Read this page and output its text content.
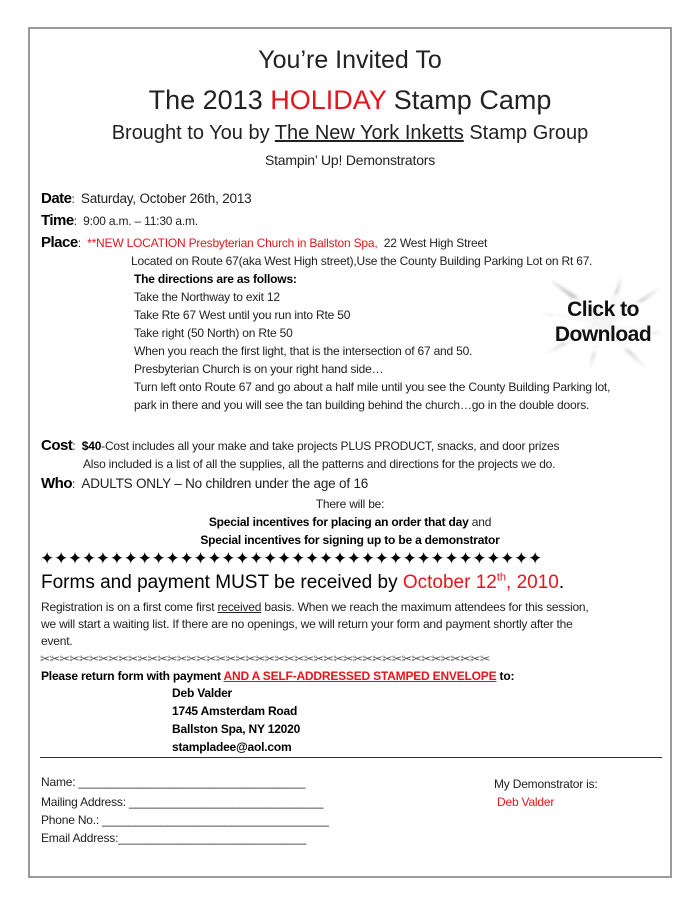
You’re Invited To
The 2013 HOLIDAY Stamp Camp
Brought to You by The New York Inketts Stamp Group
Stampin’ Up! Demonstrators
Date:  Saturday, October 26th, 2013
Time:  9:00 a.m. – 11:30 a.m.
Place:  **NEW LOCATION Presbyterian Church in Ballston Spa, 22 West High Street
Located on Route 67(aka West High street),Use the County Building Parking Lot on Rt 67.
The directions are as follows:
Take the Northway to exit 12
Take Rte 67 West until you run into Rte 50
Take right (50 North) on Rte 50
When you reach the first light, that is the intersection of 67 and 50.
Presbyterian Church is on your right hand side…
Turn left onto Route 67 and go about a half mile until you see the County Building Parking lot,
park in there and you will see the tan building behind the church…go in the double doors.
Cost:  $40-Cost includes all your make and take projects PLUS PRODUCT, snacks, and door prizes
Also included is a list of all the supplies, all the patterns and directions for the projects we do.
Who:  ADULTS ONLY – No children under the age of 16
There will be:
Special incentives for placing an order that day and
Special incentives for signing up to be a demonstrator
✦✦✦✦✦✦✦✦✦✦✦✦✦✦✦✦✦✦✦✦✦✦✦✦✦✦✦✦✦✦✦✦✦✦✦✦
Forms and payment MUST be received by October 12th, 2010.
Registration is on a first come first received basis. When we reach the maximum attendees for this session,
we will start a waiting list. If there are no openings, we will return your form and payment shortly after the
event.
✂✂✂✂✂✂✂✂✂✂✂✂✂✂✂✂✂✂✂✂✂✂✂✂✂✂✂✂✂✂✂✂✂✂✂✂✂✂✂✂✂✂✂✂✂✂
Please return form with payment AND A SELF-ADDRESSED STAMPED ENVELOPE to:
Deb Valder
1745 Amsterdam Road
Ballston Spa, NY 12020
stampladee@aol.com
Name: ___________________________________
Mailing Address: ______________________________
Phone No.: ___________________________________
Email Address:_____________________________
My Demonstrator is:
Deb Valder
Click to
Download
